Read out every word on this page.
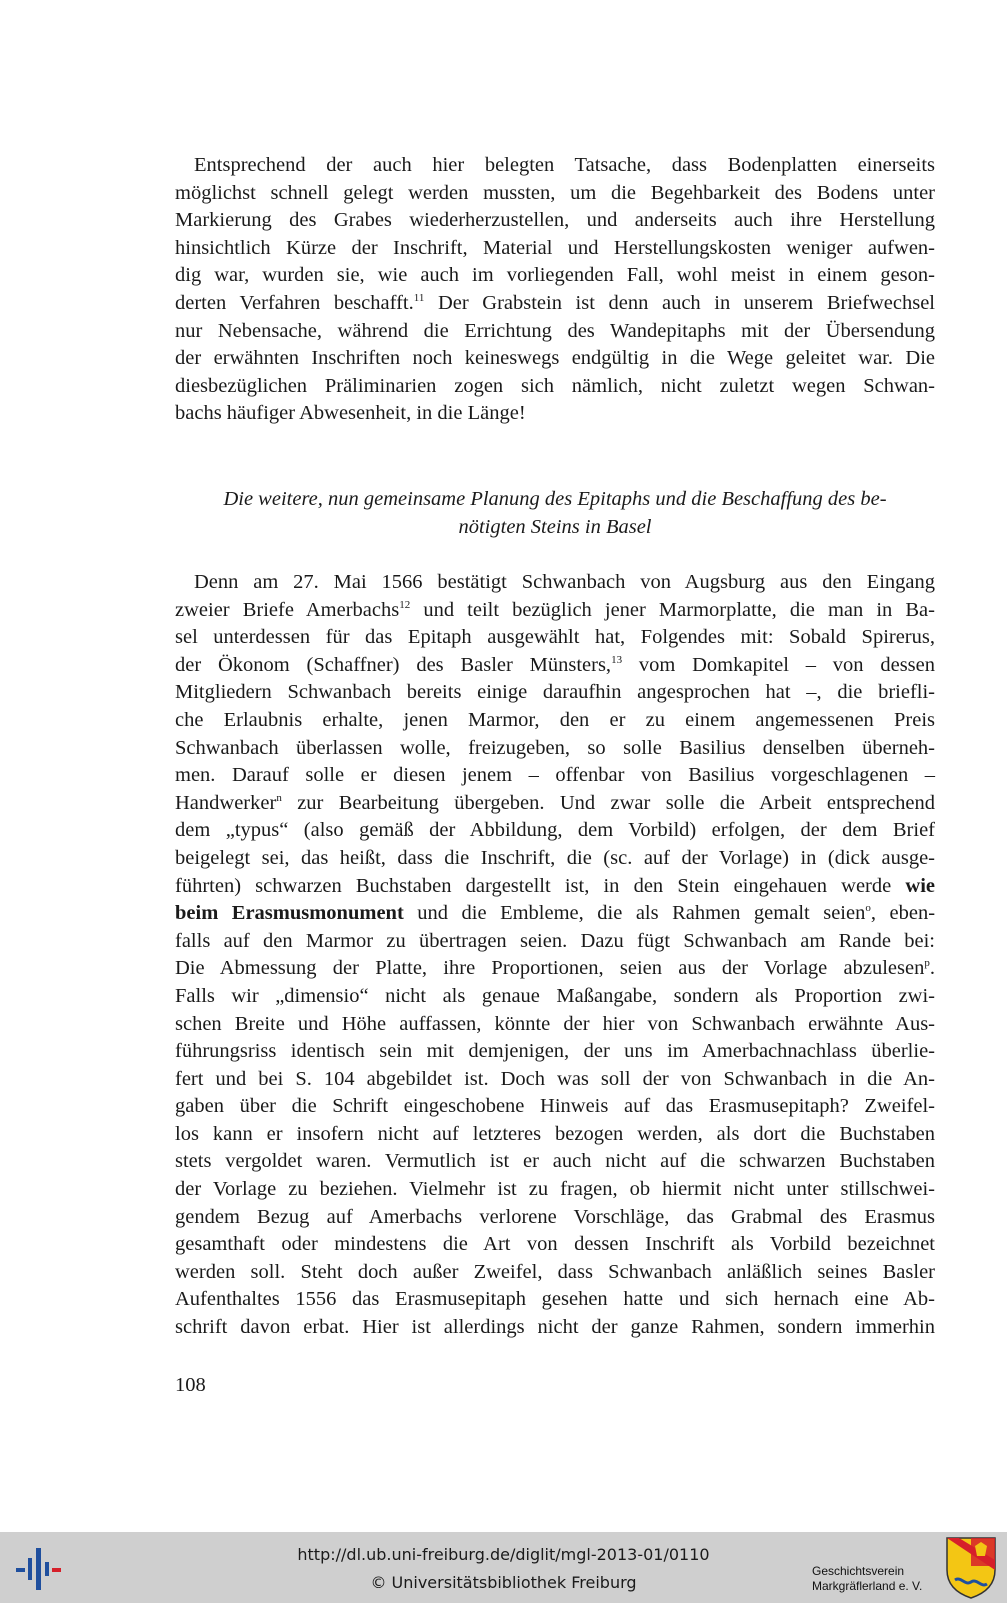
Entsprechend der auch hier belegten Tatsache, dass Bodenplatten einerseits
möglichst schnell gelegt werden mussten, um die Begehbarkeit des Bodens unter
Markierung des Grabes wiederherzustellen, und anderseits auch ihre Herstellung
hinsichtlich Kürze der Inschrift, Material und Herstellungskosten weniger aufwen-
dig war, wurden sie, wie auch im vorliegenden Fall, wohl meist in einem geson-
derten Verfahren beschafft.$^{11}$ Der Grabstein ist denn auch in unserem Briefwechsel
nur Nebensache, während die Errichtung des Wandepitaphs mit der Übersendung
der erwähnten Inschriften noch keineswegs endgültig in die Wege geleitet war. Die
diesbezüglichen Präliminarien zogen sich nämlich, nicht zuletzt wegen Schwan-
bachs häufiger Abwesenheit, in die Länge!
Die weitere, nun gemeinsame Planung des Epitaphs und die Beschaffung des be-
nötigten Steins in Basel
Denn am 27. Mai 1566 bestätigt Schwanbach von Augsburg aus den Eingang
zweier Briefe Amerbachs$^{12}$ und teilt bezüglich jener Marmorplatte, die man in Ba-
sel unterdessen für das Epitaph ausgewählt hat, Folgendes mit: Sobald Spirerus,
der Ökonom (Schaffner) des Basler Münsters,$^{13}$ vom Domkapitel – von dessen
Mitgliedern Schwanbach bereits einige daraufhin angesprochen hat –, die briefli-
che Erlaubnis erhalte, jenen Marmor, den er zu einem angemessenen Preis
Schwanbach überlassen wolle, freizugeben, so solle Basilius denselben überneh-
men. Darauf solle er diesen jenem – offenbar von Basilius vorgeschlagenen –
Handwerker$^n$ zur Bearbeitung übergeben. Und zwar solle die Arbeit entsprechend
dem „typus“ (also gemäß der Abbildung, dem Vorbild) erfolgen, der dem Brief
beigelegt sei, das heißt, dass die Inschrift, die (sc. auf der Vorlage) in (dick ausge-
führten) schwarzen Buchstaben dargestellt ist, in den Stein eingehauen werde wie
beim Erasmusmonument und die Embleme, die als Rahmen gemalt seien$^o$, eben-
falls auf den Marmor zu übertragen seien. Dazu fügt Schwanbach am Rande bei:
Die Abmessung der Platte, ihre Proportionen, seien aus der Vorlage abzulesen$^p$.
Falls wir „dimensio“ nicht als genaue Maßangabe, sondern als Proportion zwi-
schen Breite und Höhe auffassen, könnte der hier von Schwanbach erwähnte Aus-
führungsriss identisch sein mit demjenigen, der uns im Amerbachnachlass überlie-
fert und bei S. 104 abgebildet ist. Doch was soll der von Schwanbach in die An-
gaben über die Schrift eingeschobene Hinweis auf das Erasmusepitaph? Zweifel-
los kann er insofern nicht auf letzteres bezogen werden, als dort die Buchstaben
stets vergoldet waren. Vermutlich ist er auch nicht auf die schwarzen Buchstaben
der Vorlage zu beziehen. Vielmehr ist zu fragen, ob hiermit nicht unter stillschwei-
gendem Bezug auf Amerbachs verlorene Vorschläge, das Grabmal des Erasmus
gesamthaft oder mindestens die Art von dessen Inschrift als Vorbild bezeichnet
werden soll. Steht doch außer Zweifel, dass Schwanbach anläßlich seines Basler
Aufenthaltes 1556 das Erasmusepitaph gesehen hatte und sich hernach eine Ab-
schrift davon erbat. Hier ist allerdings nicht der ganze Rahmen, sondern immerhin
108
http://dl.ub.uni-freiburg.de/diglit/mgl-2013-01/0110
© Universitätsbibliothek Freiburg
Geschichtsverein
Markgräflerland e. V.
